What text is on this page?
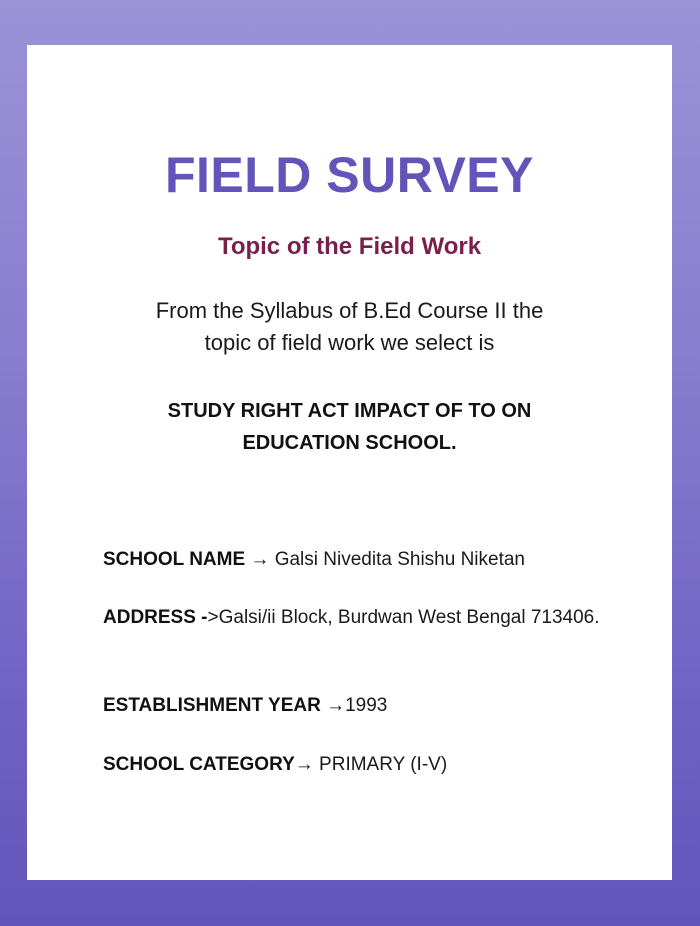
FIELD SURVEY
Topic of the Field Work
From the Syllabus of B.Ed Course II the
topic of field work we select is
STUDY RIGHT ACT IMPACT OF TO ON
EDUCATION SCHOOL.

SCHOOL NAME → Galsi Nivedita Shishu Niketan

ADDRESS ->Galsi/ii Block, Burdwan West Bengal 713406.

ESTABLISHMENT YEAR →1993

SCHOOL CATEGORY→ PRIMARY (I-V)
